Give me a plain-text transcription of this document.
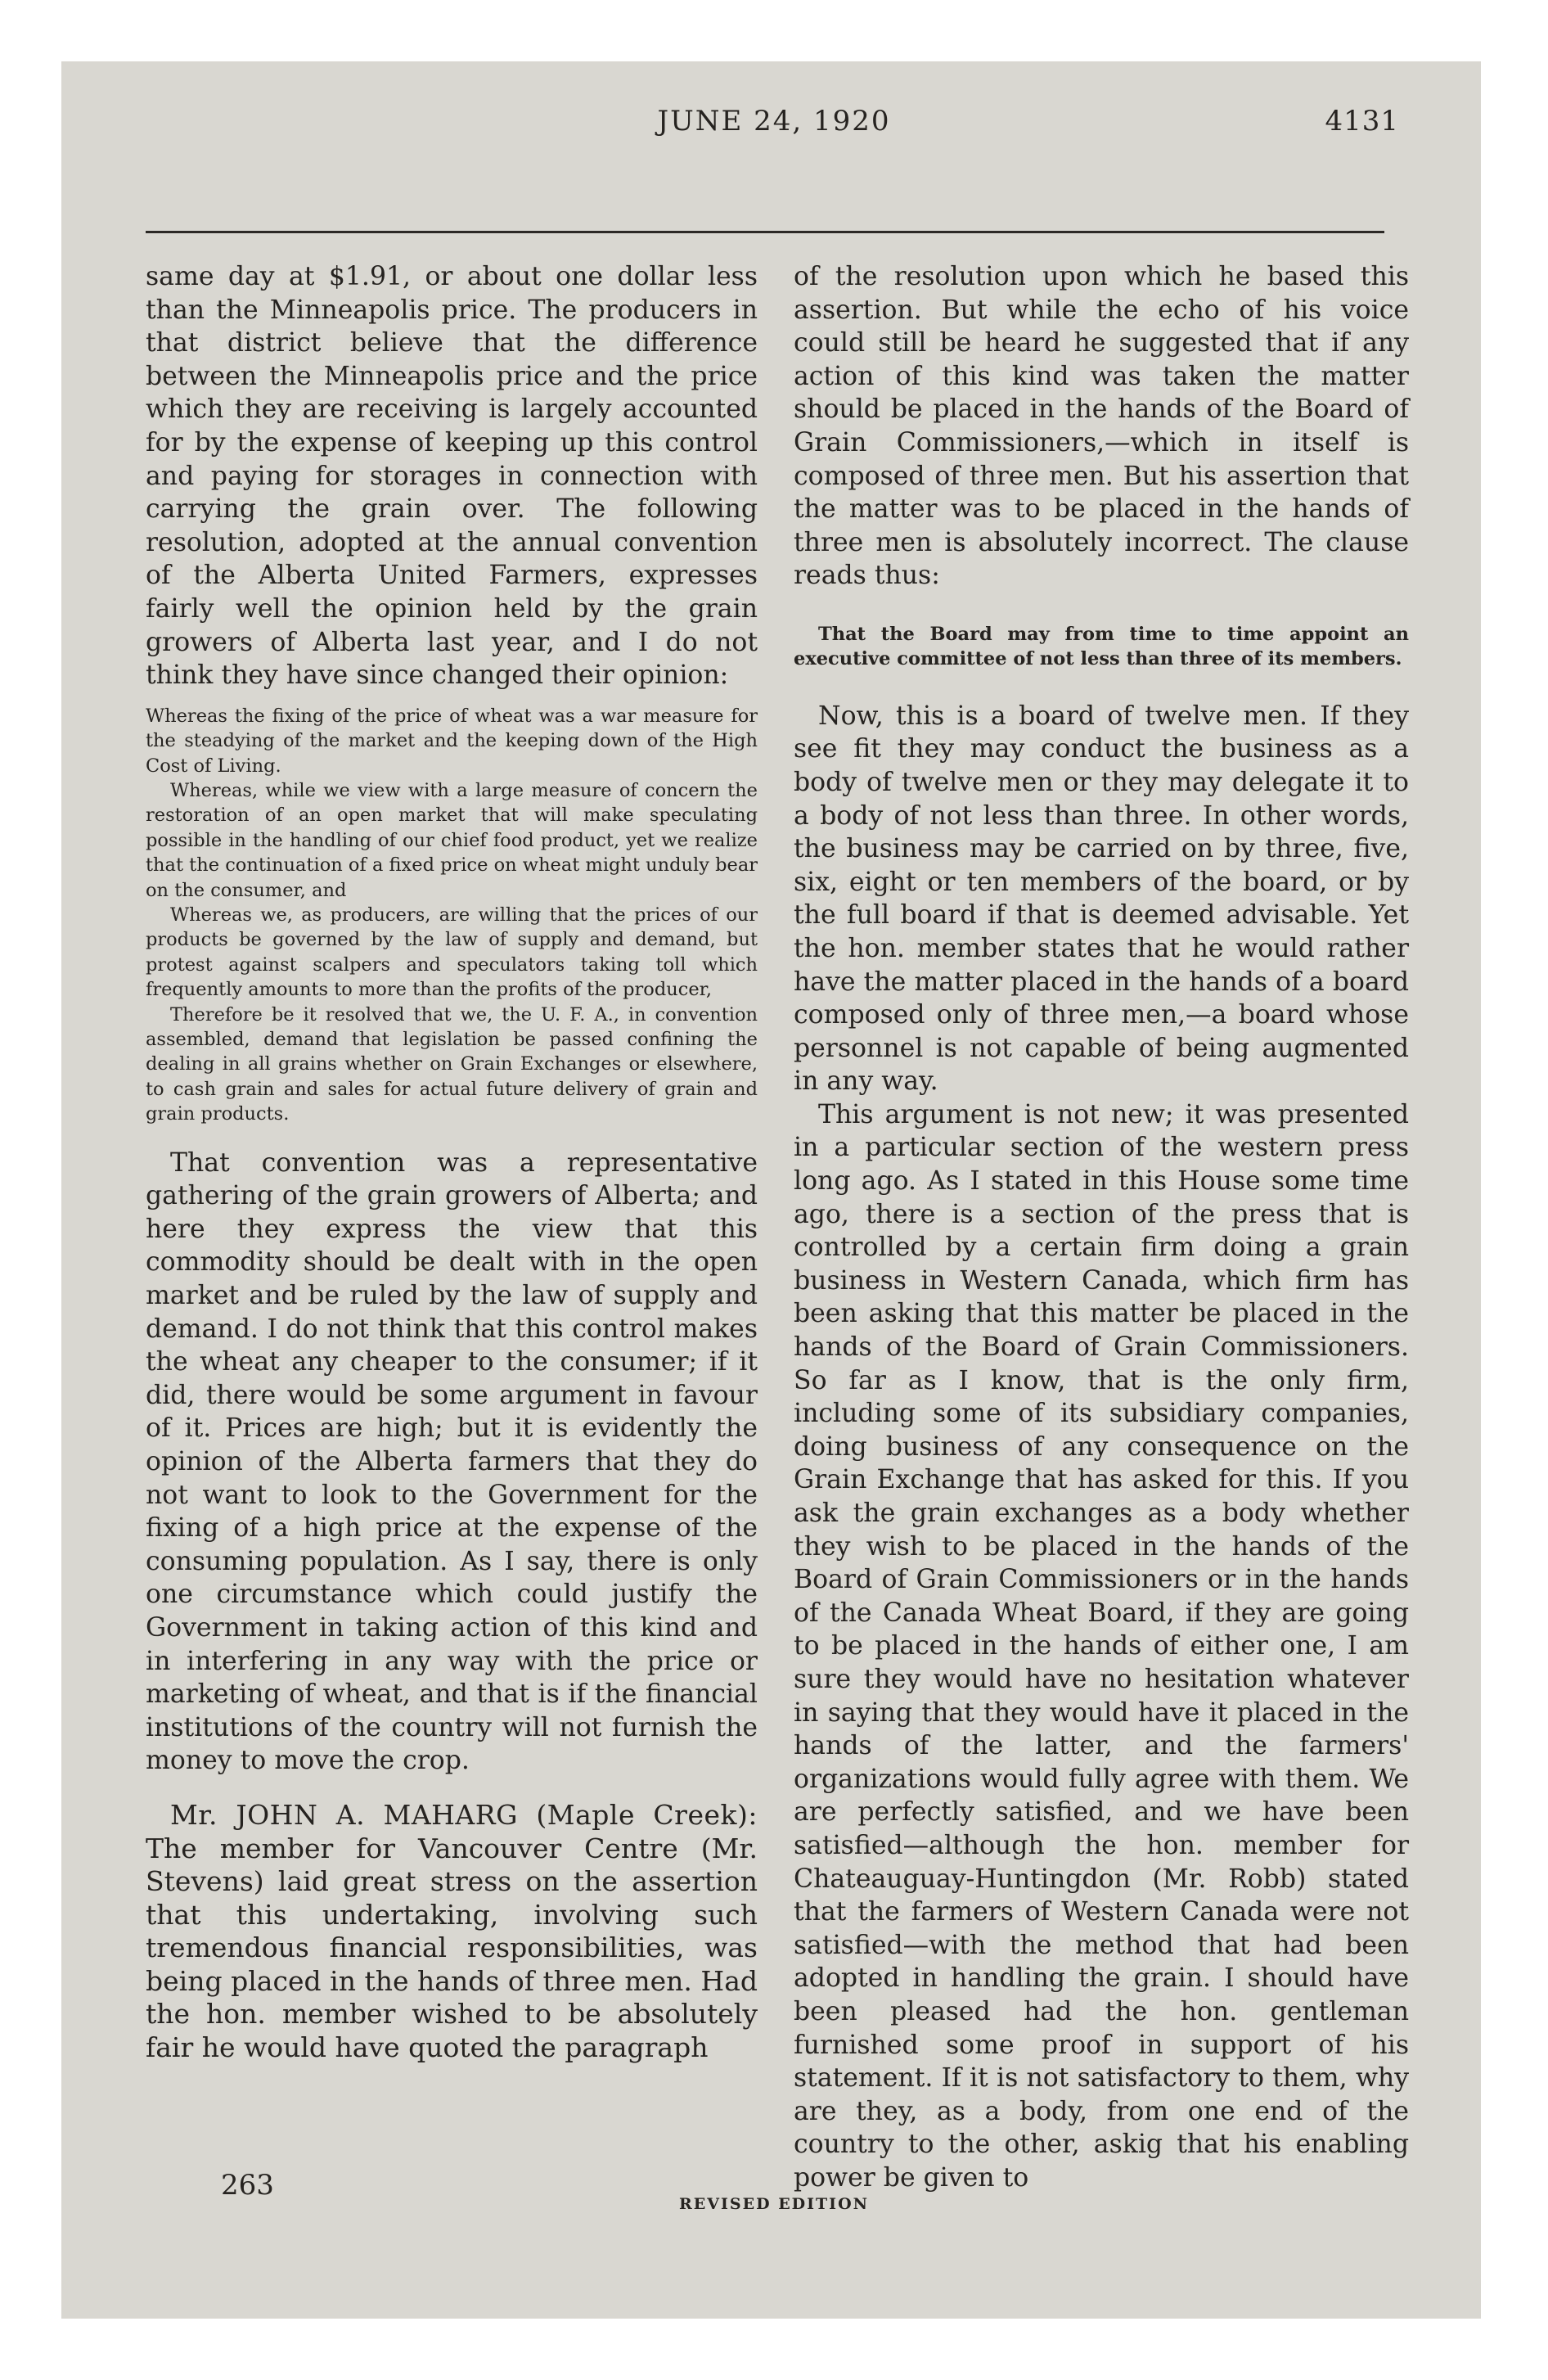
JUNE 24, 1920	4131

same day at $1.91, or about one dollar less than the Minneapolis price. The producers in that district believe that the difference between the Minneapolis price and the price which they are receiving is largely accounted for by the expense of keeping up this control and paying for storages in connection with carrying the grain over. The following resolution, adopted at the annual convention of the Alberta United Farmers, expresses fairly well the opinion held by the grain growers of Alberta last year, and I do not think they have since changed their opinion:

Whereas the fixing of the price of wheat was a war measure for the steadying of the market and the keeping down of the High Cost of Living.

Whereas, while we view with a large measure of concern the restoration of an open market that will make speculating possible in the handling of our chief food product, yet we realize that the continuation of a fixed price on wheat might unduly bear on the consumer, and

Whereas we, as producers, are willing that the prices of our products be governed by the law of supply and demand, but protest against scalpers and speculators taking toll which frequently amounts to more than the profits of the producer,

Therefore be it resolved that we, the U. F. A., in convention assembled, demand that legislation be passed confining the dealing in all grains whether on Grain Exchanges or elsewhere, to cash grain and sales for actual future delivery of grain and grain products.

That convention was a representative gathering of the grain growers of Alberta; and here they express the view that this commodity should be dealt with in the open market and be ruled by the law of supply and demand. I do not think that this control makes the wheat any cheaper to the consumer; if it did, there would be some argument in favour of it. Prices are high; but it is evidently the opinion of the Alberta farmers that they do not want to look to the Government for the fixing of a high price at the expense of the consuming population. As I say, there is only one circumstance which could justify the Government in taking action of this kind and in interfering in any way with the price or marketing of wheat, and that is if the financial institutions of the country will not furnish the money to move the crop.

Mr. JOHN A. MAHARG (Maple Creek): The member for Vancouver Centre (Mr. Stevens) laid great stress on the assertion that this undertaking, involving such tremendous financial responsibilities, was being placed in the hands of three men. Had the hon. member wished to be absolutely fair he would have quoted the paragraph

of the resolution upon which he based this assertion. But while the echo of his voice could still be heard he suggested that if any action of this kind was taken the matter should be placed in the hands of the Board of Grain Commissioners,—which in itself is composed of three men. But his assertion that the matter was to be placed in the hands of three men is absolutely incorrect. The clause reads thus:

That the Board may from time to time appoint an executive committee of not less than three of its members.

Now, this is a board of twelve men. If they see fit they may conduct the business as a body of twelve men or they may delegate it to a body of not less than three. In other words, the business may be carried on by three, five, six, eight or ten members of the board, or by the full board if that is deemed advisable. Yet the hon. member states that he would rather have the matter placed in the hands of a board composed only of three men,—a board whose personnel is not capable of being augmented in any way.

This argument is not new; it was presented in a particular section of the western press long ago. As I stated in this House some time ago, there is a section of the press that is controlled by a certain firm doing a grain business in Western Canada, which firm has been asking that this matter be placed in the hands of the Board of Grain Commissioners. So far as I know, that is the only firm, including some of its subsidiary companies, doing business of any consequence on the Grain Exchange that has asked for this. If you ask the grain exchanges as a body whether they wish to be placed in the hands of the Board of Grain Commissioners or in the hands of the Canada Wheat Board, if they are going to be placed in the hands of either one, I am sure they would have no hesitation whatever in saying that they would have it placed in the hands of the latter, and the farmers' organizations would fully agree with them. We are perfectly satisfied, and we have been satisfied—although the hon. member for Chateauguay-Huntingdon (Mr. Robb) stated that the farmers of Western Canada were not satisfied—with the method that had been adopted in handling the grain. I should have been pleased had the hon. gentleman furnished some proof in support of his statement. If it is not satisfactory to them, why are they, as a body, from one end of the country to the other, askig that his enabling power be given to

263
REVISED EDITION
